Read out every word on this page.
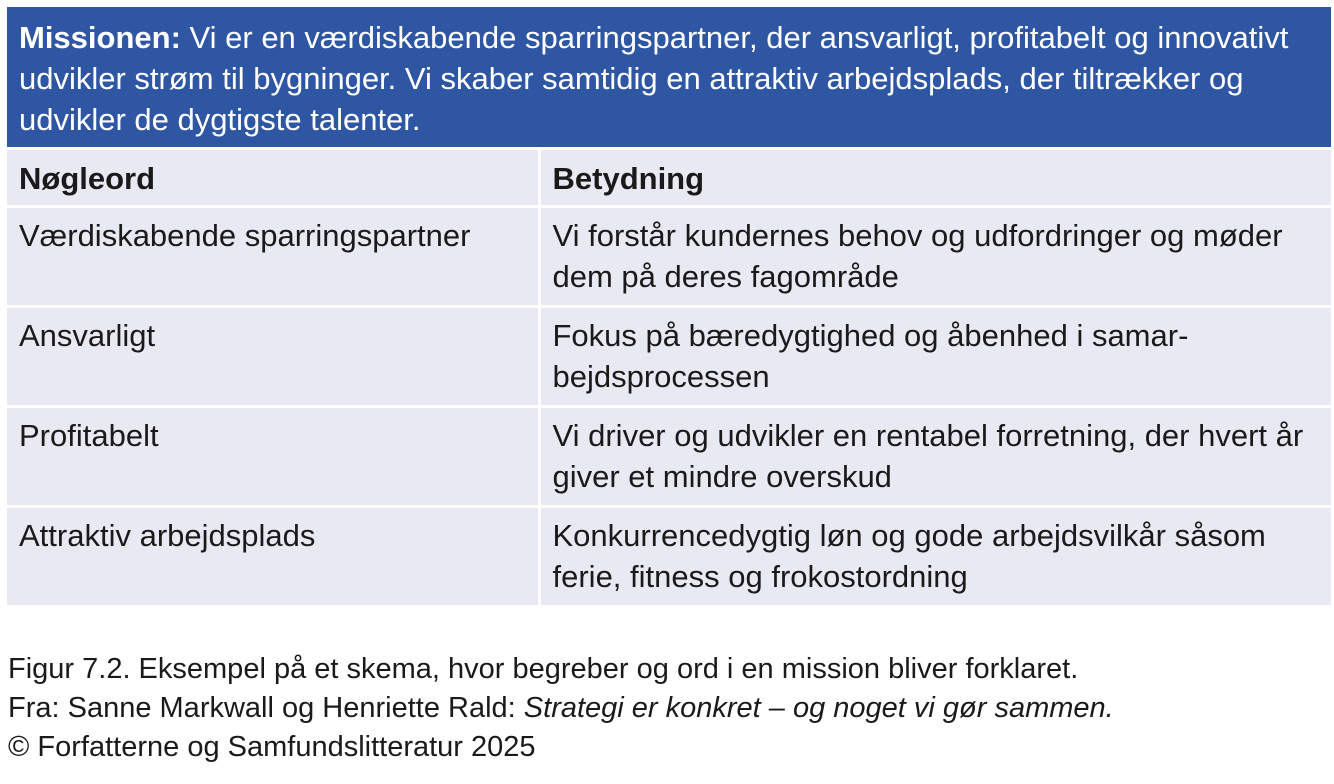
Missionen: Vi er en værdiskabende sparringspartner, der ansvarligt, profitabelt og innovativt udvikler strøm til bygninger. Vi skaber samtidig en attraktiv arbejdsplads, der tiltrækker og udvikler de dygtigste talenter.
Nøgleord	Betydning
Værdiskabende sparringspartner	Vi forstår kundernes behov og udfordringer og møder dem på deres fagområde
Ansvarligt	Fokus på bæredygtighed og åbenhed i samar-bejdsprocessen
Profitabelt	Vi driver og udvikler en rentabel forretning, der hvert år giver et mindre overskud
Attraktiv arbejdsplads	Konkurrencedygtig løn og gode arbejdsvilkår såsom ferie, fitness og frokostordning
Figur 7.2. Eksempel på et skema, hvor begreber og ord i en mission bliver forklaret.
Fra: Sanne Markwall og Henriette Rald: Strategi er konkret – og noget vi gør sammen.
© Forfatterne og Samfundslitteratur 2025
